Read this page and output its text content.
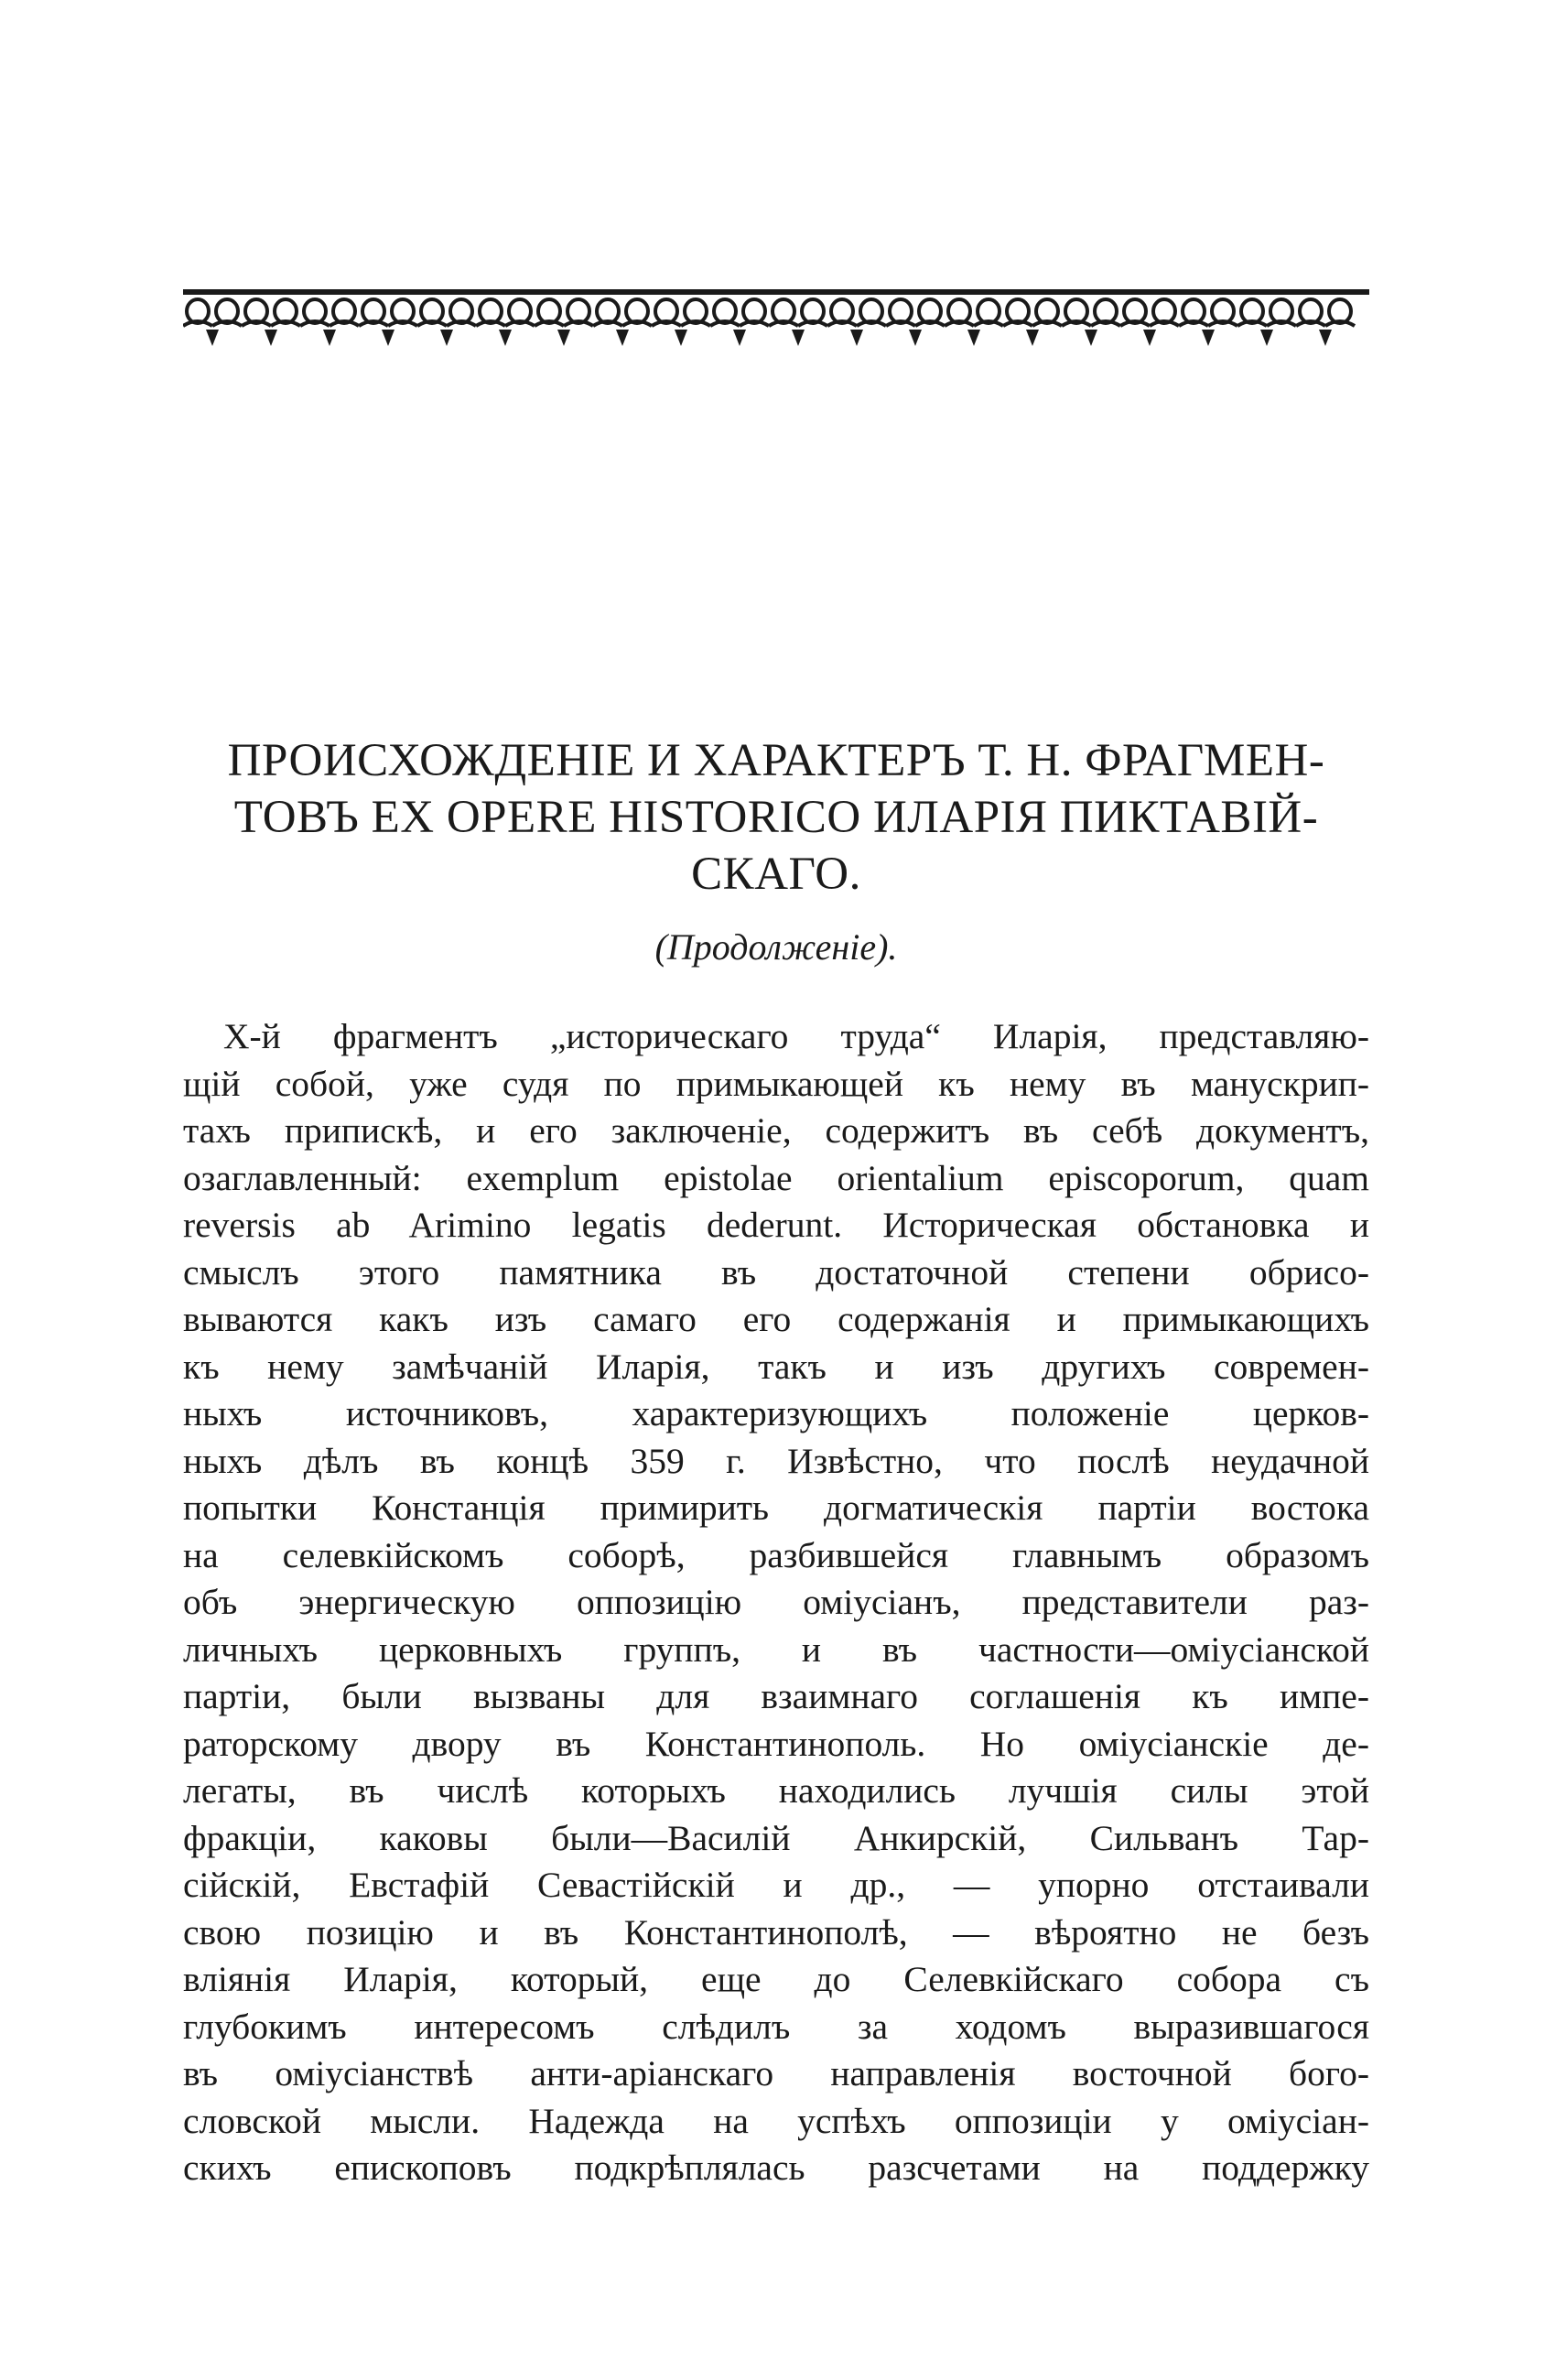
ПРОИСХОЖДЕНІЕ И ХАРАКТЕРЪ Т. Н. ФРАГМЕН-
ТОВЪ EX OPERE HISTORICO ИЛАРІЯ ПИКТАВІЙ-
СКАГО.

(Продолженіе).

X-й фрагментъ „историческаго труда“ Иларія, представляю-
щій собой, уже судя по примыкающей къ нему въ манускрип-
тахъ припискѣ, и его заключеніе, содержитъ въ себѣ документъ,
озаглавленный: exemplum epistolae orientalium episcoporum, quam
reversis ab Arimino legatis dederunt. Историческая обстановка и
смыслъ этого памятника въ достаточной степени обрисо-
вываются какъ изъ самаго его содержанія и примыкающихъ
къ нему замѣчаній Иларія, такъ и изъ другихъ современ-
ныхъ источниковъ, характеризующихъ положеніе церков-
ныхъ дѣлъ въ концѣ 359 г. Извѣстно, что послѣ неудачной
попытки Констанція примирить догматическія партіи востока
на селевкійскомъ соборѣ, разбившейся главнымъ образомъ
объ энергическую оппозицію оміусіанъ, представители раз-
личныхъ церковныхъ группъ, и въ частности—оміусіанской
партіи, были вызваны для взаимнаго соглашенія къ импе-
раторскому двору въ Константинополь. Но оміусіанскіе де-
легаты, въ числѣ которыхъ находились лучшія силы этой
фракціи, каковы были—Василій Анкирскій, Сильванъ Тар-
сійскій, Евстафій Севастійскій и др., — упорно отстаивали
свою позицію и въ Константинополѣ, — вѣроятно не безъ
вліянія Иларія, который, еще до Селевкійскаго собора съ
глубокимъ интересомъ слѣдилъ за ходомъ выразившагося
въ оміусіанствѣ анти-аріанскаго направленія восточной бого-
словской мысли. Надежда на успѣхъ оппозиціи у оміусіан-
скихъ епископовъ подкрѣплялась разсчетами на поддержку
